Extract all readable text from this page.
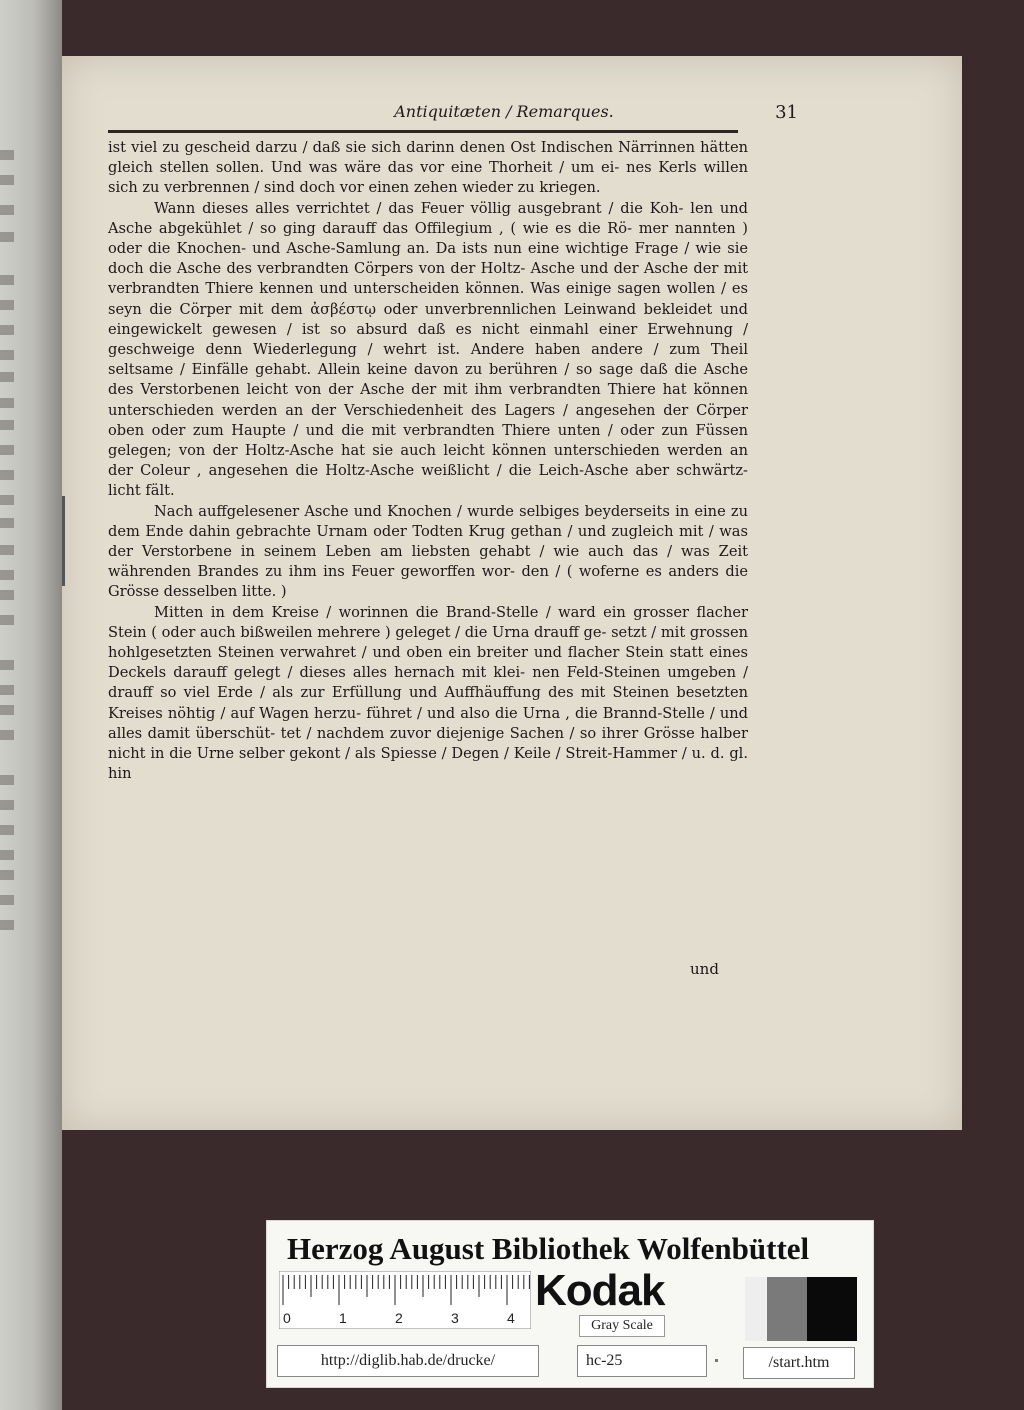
Antiquitæten / Remarques.	31

ist viel zu gescheid darzu / daß sie sich darinn denen Ost Indischen Närrinnen hätten gleich stellen sollen. Und was wäre das vor eine Thorheit / um ei- nes Kerls willen sich zu verbrennen / sind doch vor einen zehen wieder zu kriegen.

Wann dieses alles verrichtet / das Feuer völlig ausgebrant / die Koh- len und Asche abgekühlet / so ging darauff das Offilegium , ( wie es die Rö- mer nannten ) oder die Knochen- und Asche-Samlung an. Da ists nun eine wichtige Frage / wie sie doch die Asche des verbrandten Cörpers von der Holtz- Asche und der Asche der mit verbrandten Thiere kennen und unterscheiden können. Was einige sagen wollen / es seyn die Cörper mit dem ἀσβέστῳ oder unverbrennlichen Leinwand bekleidet und eingewickelt gewesen / ist so absurd daß es nicht einmahl einer Erwehnung / geschweige denn Wiederlegung / wehrt ist. Andere haben andere / zum Theil seltsame / Einfälle gehabt. Allein keine davon zu berühren / so sage daß die Asche des Verstorbenen leicht von der Asche der mit ihm verbrandten Thiere hat können unterschieden werden an der Verschiedenheit des Lagers / angesehen der Cörper oben oder zum Haupte / und die mit verbrandten Thiere unten / oder zun Füssen gelegen; von der Holtz-Asche hat sie auch leicht können unterschieden werden an der Coleur , angesehen die Holtz-Asche weißlicht / die Leich-Asche aber schwärtz- licht fält.

Nach auffgelesener Asche und Knochen / wurde selbiges beyderseits in eine zu dem Ende dahin gebrachte Urnam oder Todten Krug gethan / und zugleich mit / was der Verstorbene in seinem Leben am liebsten gehabt / wie auch das / was Zeit währenden Brandes zu ihm ins Feuer geworffen wor- den / ( woferne es anders die Grösse desselben litte. )

Mitten in dem Kreise / worinnen die Brand-Stelle / ward ein grosser flacher Stein ( oder auch bißweilen mehrere ) geleget / die Urna drauff ge- setzt / mit grossen hohlgesetzten Steinen verwahret / und oben ein breiter und flacher Stein statt eines Deckels darauff gelegt / dieses alles hernach mit klei- nen Feld-Steinen umgeben / drauff so viel Erde / als zur Erfüllung und Auffhäuffung des mit Steinen besetzten Kreises nöhtig / auf Wagen herzu- führet / und also die Urna , die Brannd-Stelle / und alles damit überschüt- tet / nachdem zuvor diejenige Sachen / so ihrer Grösse halber nicht in die Urne selber gekont / als Spiesse / Degen / Keile / Streit-Hammer / u. d. gl. hin

und
Herzog August Bibliothek Wolfenbüttel
0	1	2	3	4
Kodak
Gray Scale
http://diglib.hab.de/drucke/	hc-25	/start.htm
